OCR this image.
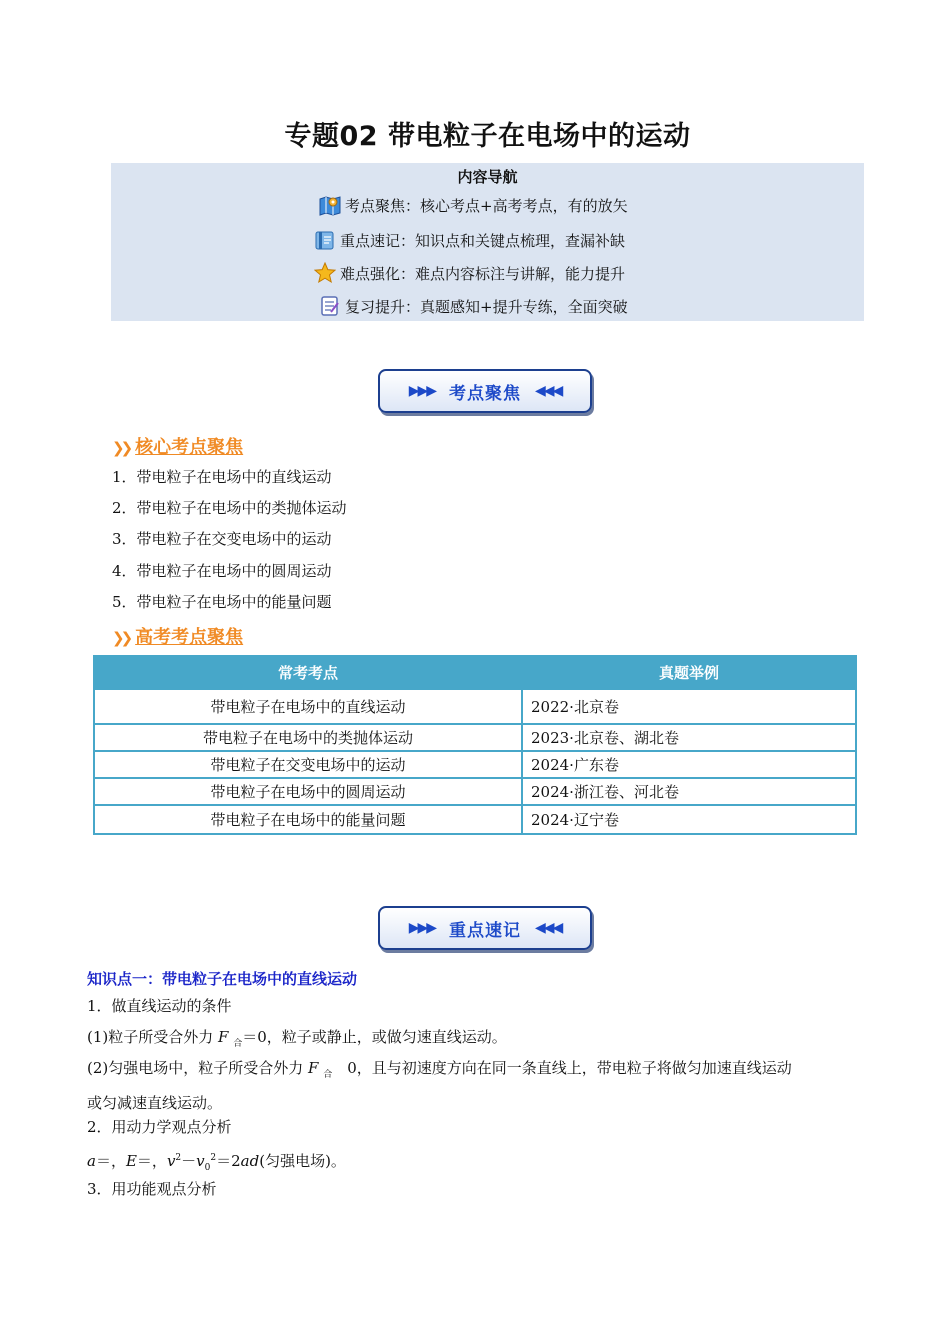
专题02 带电粒子在电场中的运动
内容导航
考点聚焦：核心考点+高考考点，有的放矢
重点速记：知识点和关键点梳理，查漏补缺
难点强化：难点内容标注与讲解，能力提升
复习提升：真题感知+提升专练，全面突破
▶▶▶ 考点聚焦 ◀◀◀
❯❯ 核心考点聚焦
1．带电粒子在电场中的直线运动
2．带电粒子在电场中的类抛体运动
3．带电粒子在交变电场中的运动
4．带电粒子在电场中的圆周运动
5．带电粒子在电场中的能量问题
❯❯ 高考考点聚焦
常考考点	真题举例
带电粒子在电场中的直线运动	2022·北京卷
带电粒子在电场中的类抛体运动	2023·北京卷、湖北卷
带电粒子在交变电场中的运动	2024·广东卷
带电粒子在电场中的圆周运动	2024·浙江卷、河北卷
带电粒子在电场中的能量问题	2024·辽宁卷
▶▶▶ 重点速记 ◀◀◀
知识点一：带电粒子在电场中的直线运动
1．做直线运动的条件
(1)粒子所受合外力 F $_合$＝0，粒子或静止，或做匀速直线运动。
(2)匀强电场中，粒子所受合外力 F $_合$　0，且与初速度方向在同一条直线上，带电粒子将做匀加速直线运动
或匀减速直线运动。
2．用动力学观点分析
a＝，E＝，$v^2-v_0^2=2ad$(匀强电场)。
3．用功能观点分析
